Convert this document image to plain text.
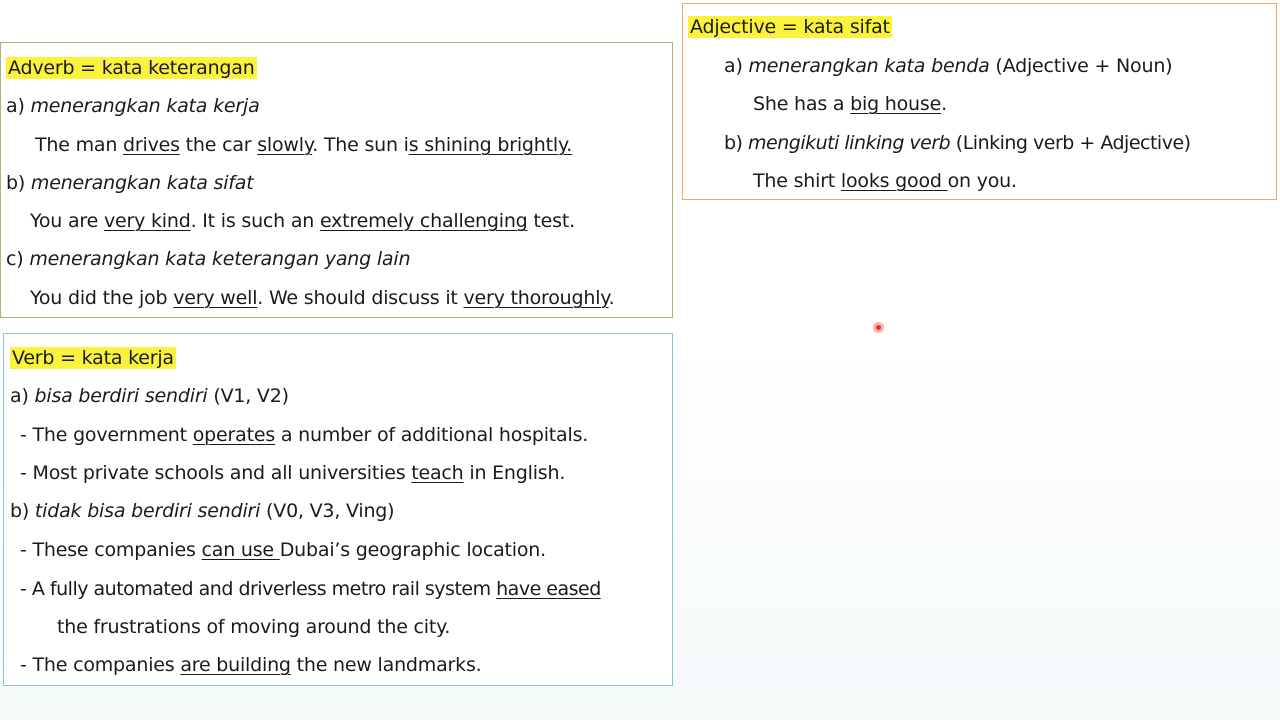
Adverb = kata keterangan
a) menerangkan kata kerja
The man drives the car slowly. The sun is shining brightly.
b) menerangkan kata sifat
You are very kind. It is such an extremely challenging test.
c) menerangkan kata keterangan yang lain
You did the job very well. We should discuss it very thoroughly.
Verb = kata kerja
a) bisa berdiri sendiri (V1, V2)
- The government operates a number of additional hospitals.
- Most private schools and all universities teach in English.
b) tidak bisa berdiri sendiri (V0, V3, Ving)
- These companies can use Dubai’s geographic location.
- A fully automated and driverless metro rail system have eased
the frustrations of moving around the city.
- The companies are building the new landmarks.
Adjective = kata sifat
a) menerangkan kata benda (Adjective + Noun)
She has a big house.
b) mengikuti linking verb (Linking verb + Adjective)
The shirt looks good on you.
